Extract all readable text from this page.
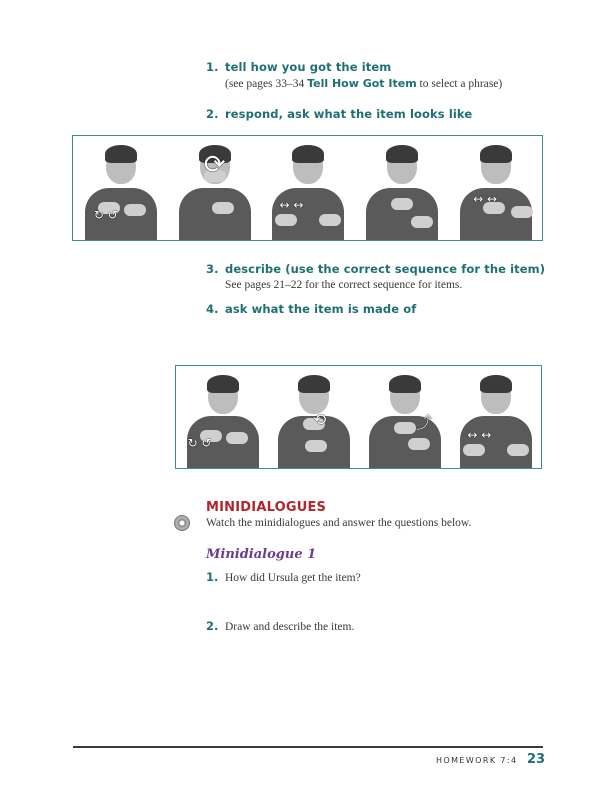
1. tell how you got the item
(see pages 33–34 Tell How Got Item to select a phrase)
2. respond, ask what the item looks like
↻ ↺
⟳
↔ ↔	↔ ↔
3. describe (use the correct sequence for the item)
See pages 21–22 for the correct sequence for items.
4. ask what the item is made of
↻ ↺
⟲	⤴
↔ ↔
MINIDIALOGUES
Watch the minidialogues and answer the questions below.
Minidialogue 1
1. How did Ursula get the item?
2. Draw and describe the item.
HOMEWORK 7:4 23
